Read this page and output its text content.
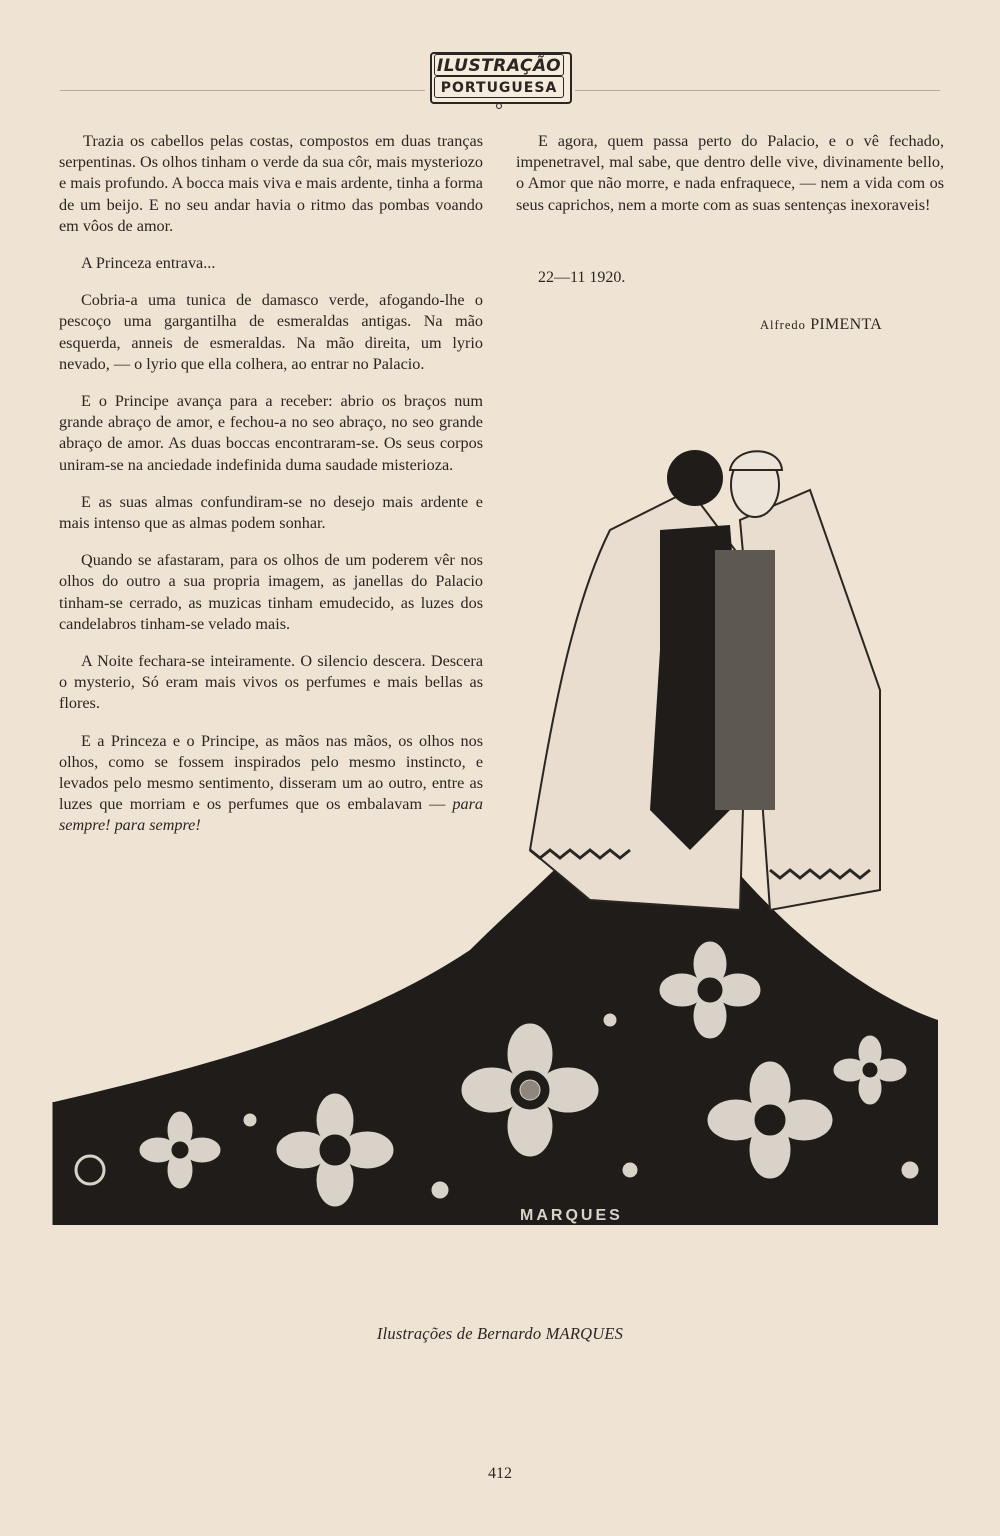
ILUSTRAÇÃO
PORTUGUESA

Trazia os cabellos pelas costas, compostos em duas tranças serpentinas. Os olhos tinham o verde da sua côr, mais mysteriozo e mais profundo. A bocca mais viva e mais ardente, tinha a forma de um beijo. E no seu andar havia o ritmo das pombas voando em vôos de amor.

A Princeza entrava...

Cobria-a uma tunica de damasco verde, afogando-lhe o pescoço uma gargantilha de esmeraldas antigas. Na mão esquerda, anneis de esmeraldas. Na mão direita, um lyrio nevado, — o lyrio que ella colhera, ao entrar no Palacio.

E o Principe avança para a receber: abrio os braços num grande abraço de amor, e fechou-a no seo abraço, no seo grande abraço de amor. As duas boccas encontraram-se. Os seus corpos uniram-se na anciedade indefinida duma saudade misterioza.

E as suas almas confundiram-se no desejo mais ardente e mais intenso que as almas podem sonhar.

Quando se afastaram, para os olhos de um poderem vêr nos olhos do outro a sua propria imagem, as janellas do Palacio tinham-se cerrado, as muzicas tinham emudecido, as luzes dos candelabros tinham-se velado mais.

A Noite fechara-se inteiramente. O silencio descera. Descera o mysterio, Só eram mais vivos os perfumes e mais bellas as flores.

E a Princeza e o Principe, as mãos nas mãos, os olhos nos olhos, como se fossem inspirados pelo mesmo instincto, e levados pelo mesmo sentimento, disseram um ao outro, entre as luzes que morriam e os perfumes que os embalavam — para sempre! para sempre!

E agora, quem passa perto do Palacio, e o vê fechado, impenetravel, mal sabe, que dentro delle vive, divinamente bello, o Amor que não morre, e nada enfraquece, — nem a vida com os seus caprichos, nem a morte com as suas sentenças inexoraveis!

22—11 1920.
Alfredo PIMENTA
MARQUES
Ilustrações de Bernardo MARQUES
412
